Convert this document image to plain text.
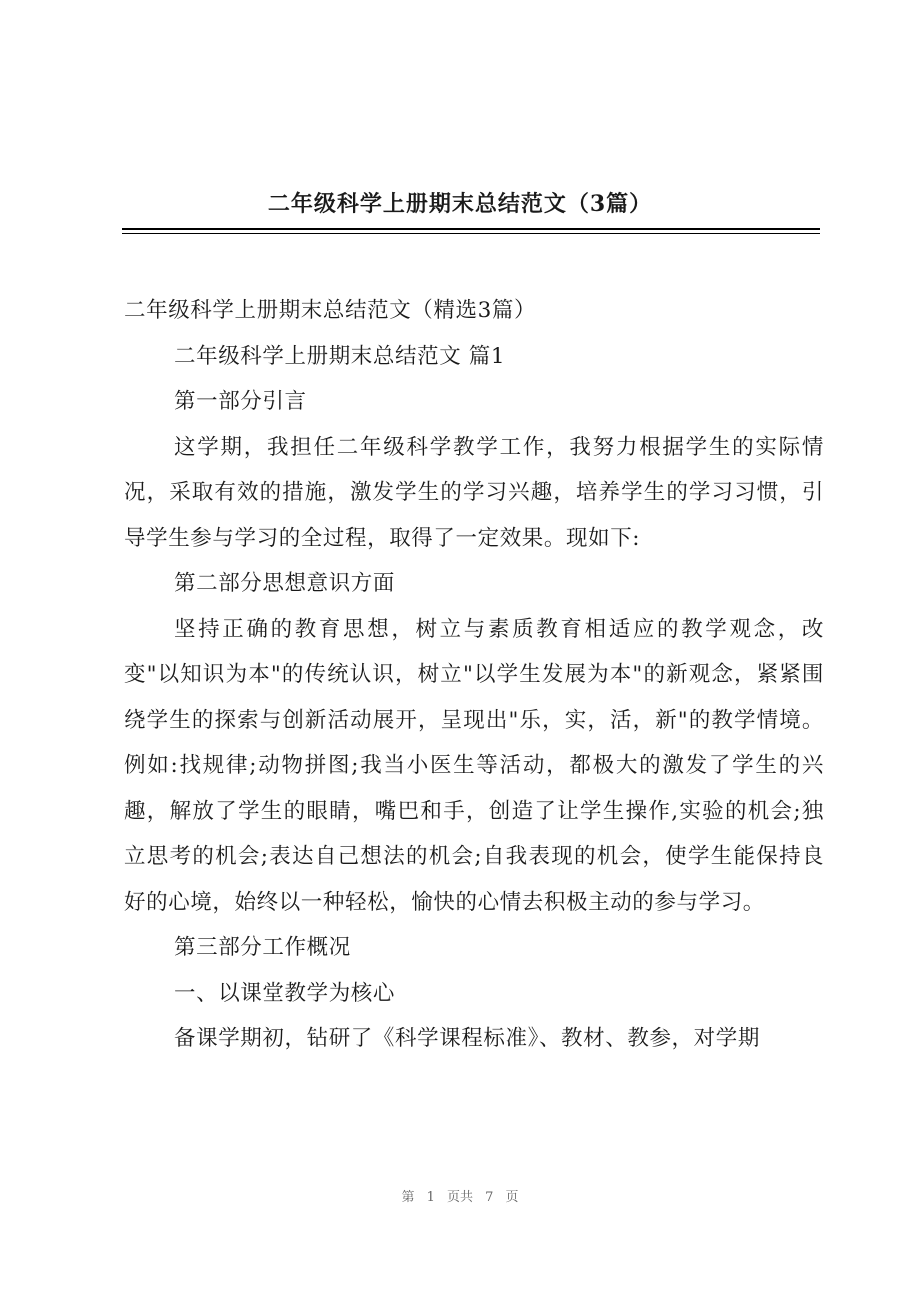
二年级科学上册期末总结范文（3篇）

二年级科学上册期末总结范文（精选3篇）

二年级科学上册期末总结范文 篇1

第一部分引言

这学期，我担任二年级科学教学工作，我努力根据学生的实际情况，采取有效的措施，激发学生的学习兴趣，培养学生的学习习惯，引导学生参与学习的全过程，取得了一定效果。现如下:

第二部分思想意识方面

坚持正确的教育思想，树立与素质教育相适应的教学观念，改变"以知识为本"的传统认识，树立"以学生发展为本"的新观念，紧紧围绕学生的探索与创新活动展开，呈现出"乐，实，活，新"的教学情境。例如:找规律;动物拼图;我当小医生等活动，都极大的激发了学生的兴趣，解放了学生的眼睛，嘴巴和手，创造了让学生操作,实验的机会;独立思考的机会;表达自己想法的机会;自我表现的机会，使学生能保持良好的心境，始终以一种轻松，愉快的心情去积极主动的参与学习。

第三部分工作概况

一、以课堂教学为核心

备课学期初，钻研了《科学课程标准》、教材、教参，对学期

第 1 页共 7 页
